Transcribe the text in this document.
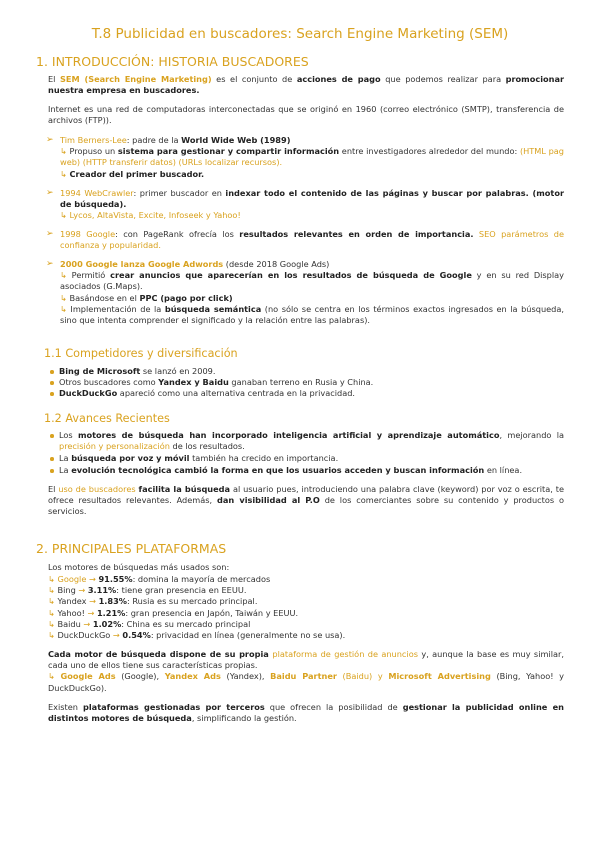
T.8 Publicidad en buscadores: Search Engine Marketing (SEM)
1. INTRODUCCIÓN: HISTORIA BUSCADORES
El SEM (Search Engine Marketing) es el conjunto de acciones de pago que podemos realizar para promocionar nuestra empresa en buscadores.
Internet es una red de computadoras interconectadas que se originó en 1960 (correo electrónico (SMTP), transferencia de archivos (FTP)).
➢ Tim Berners-Lee: padre de la World Wide Web (1989)
↳ Propuso un sistema para gestionar y compartir información entre investigadores alrededor del mundo: (HTML pag web) (HTTP transferir datos) (URLs localizar recursos).
↳ Creador del primer buscador.
➢ 1994 WebCrawler: primer buscador en indexar todo el contenido de las páginas y buscar por palabras. (motor de búsqueda).
↳ Lycos, AltaVista, Excite, Infoseek y Yahoo!
➢ 1998 Google: con PageRank ofrecía los resultados relevantes en orden de importancia. SEO parámetros de confianza y popularidad.
➢ 2000 Google lanza Google Adwords (desde 2018 Google Ads)
↳ Permitió crear anuncios que aparecerían en los resultados de búsqueda de Google y en su red Display asociados (G.Maps).
↳ Basándose en el PPC (pago por click)
↳ Implementación de la búsqueda semántica (no sólo se centra en los términos exactos ingresados en la búsqueda, sino que intenta comprender el significado y la relación entre las palabras).
1.1 Competidores y diversificación
Bing de Microsoft se lanzó en 2009.
Otros buscadores como Yandex y Baidu ganaban terreno en Rusia y China.
DuckDuckGo apareció como una alternativa centrada en la privacidad.
1.2 Avances Recientes
Los motores de búsqueda han incorporado inteligencia artificial y aprendizaje automático, mejorando la precisión y personalización de los resultados.
La búsqueda por voz y móvil también ha crecido en importancia.
La evolución tecnológica cambió la forma en que los usuarios acceden y buscan información en línea.
El uso de buscadores facilita la búsqueda al usuario pues, introduciendo una palabra clave (keyword) por voz o escrita, te ofrece resultados relevantes. Además, dan visibilidad al P.O de los comerciantes sobre su contenido y productos o servicios.
2. PRINCIPALES PLATAFORMAS
Los motores de búsquedas más usados son:
↳ Google → 91.55%: domina la mayoría de mercados
↳ Bing → 3.11%: tiene gran presencia en EEUU.
↳ Yandex → 1.83%: Rusia es su mercado principal.
↳ Yahoo! → 1.21%: gran presencia en Japón, Taiwán y EEUU.
↳ Baidu → 1.02%: China es su mercado principal
↳ DuckDuckGo → 0.54%: privacidad en línea (generalmente no se usa).
Cada motor de búsqueda dispone de su propia plataforma de gestión de anuncios y, aunque la base es muy similar, cada uno de ellos tiene sus características propias.
↳ Google Ads (Google), Yandex Ads (Yandex), Baidu Partner (Baidu) y Microsoft Advertising (Bing, Yahoo! y DuckDuckGo).
Existen plataformas gestionadas por terceros que ofrecen la posibilidad de gestionar la publicidad online en distintos motores de búsqueda, simplificando la gestión.
